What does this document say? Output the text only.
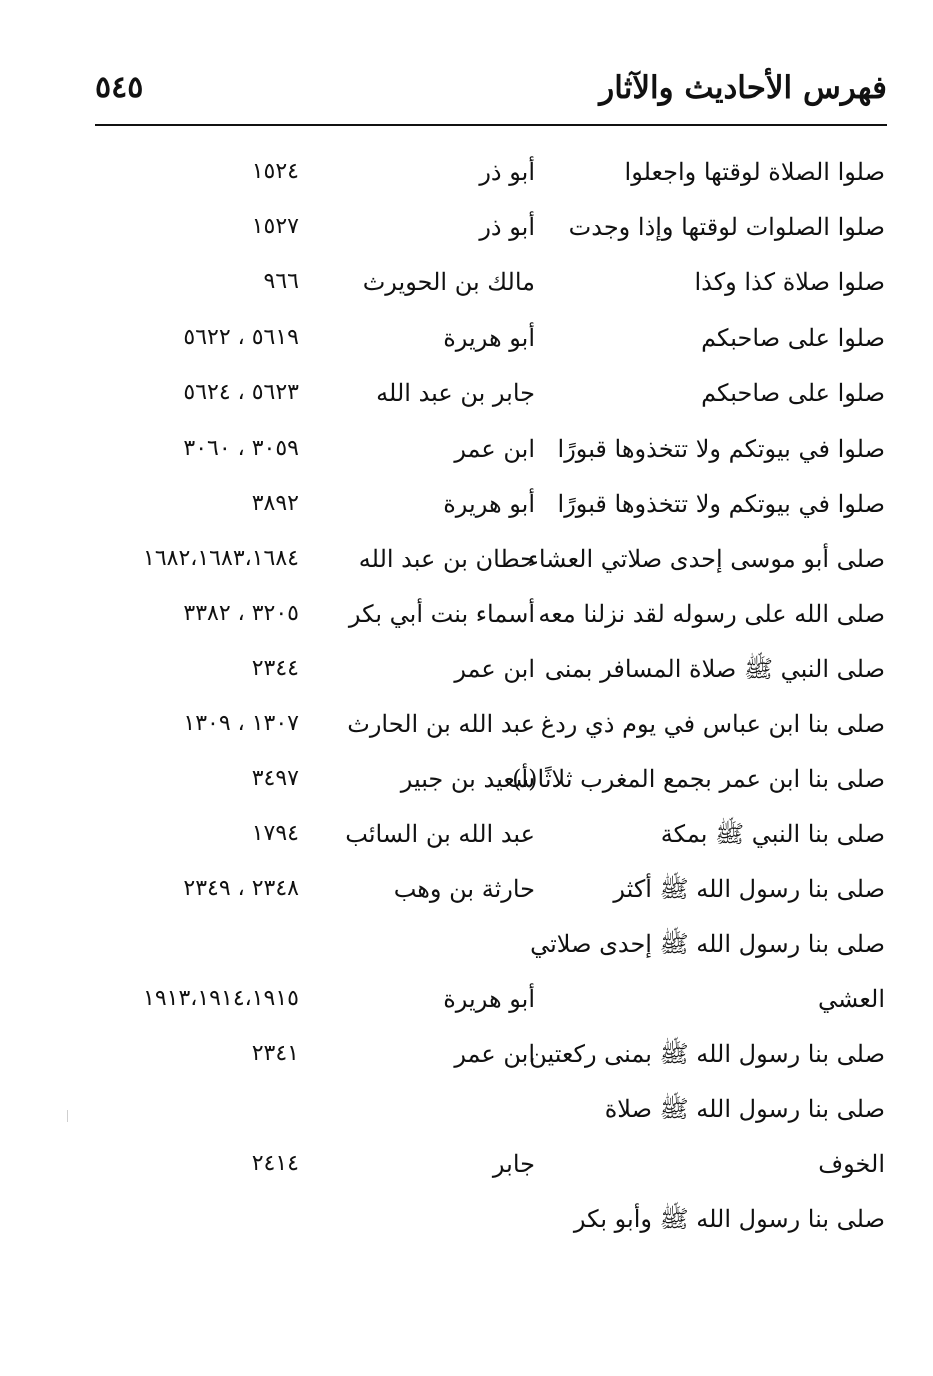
فهرس الأحاديث والآثار
٥٤٥
صلوا الصلاة لوقتها واجعلوا
أبو ذر
١٥٢٤
صلوا الصلوات لوقتها وإذا وجدت
أبو ذر
١٥٢٧
صلوا صلاة كذا وكذا
مالك بن الحويرث
٩٦٦
صلوا على صاحبكم
أبو هريرة
٥٦١٩ ، ٥٦٢٢
صلوا على صاحبكم
جابر بن عبد الله
٥٦٢٣ ، ٥٦٢٤
صلوا في بيوتكم ولا تتخذوها قبورًا
ابن عمر
٣٠٥٩ ، ٣٠٦٠
صلوا في بيوتكم ولا تتخذوها قبورًا
أبو هريرة
٣٨٩٢
صلى أبو موسى إحدى صلاتي العشاء
حطان بن عبد الله
١٦٨٢،١٦٨٣،١٦٨٤
صلى الله على رسوله لقد نزلنا معه
أسماء بنت أبي بكر
٣٢٠٥ ، ٣٣٨٢
صلى النبي ﷺ صلاة المسافر بمنى
ابن عمر
٢٣٤٤
صلى بنا ابن عباس في يوم ذي ردغ
عبد الله بن الحارث
١٣٠٧ ، ١٣٠٩
صلى بنا ابن عمر بجمع المغرب ثلاثًا(أ)
سعيد بن جبير
٣٤٩٧
صلى بنا النبي ﷺ بمكة
عبد الله بن السائب
١٧٩٤
صلى بنا رسول الله ﷺ أكثر
حارثة بن وهب
٢٣٤٨ ، ٢٣٤٩
صلى بنا رسول الله ﷺ إحدى صلاتي
العشي
أبو هريرة
١٩١٣،١٩١٤،١٩١٥
صلى بنا رسول الله ﷺ بمنى ركعتين
ابن عمر
٢٣٤١
صلى بنا رسول الله ﷺ صلاة
الخوف
جابر
٢٤١٤
صلى بنا رسول الله ﷺ وأبو بكر
